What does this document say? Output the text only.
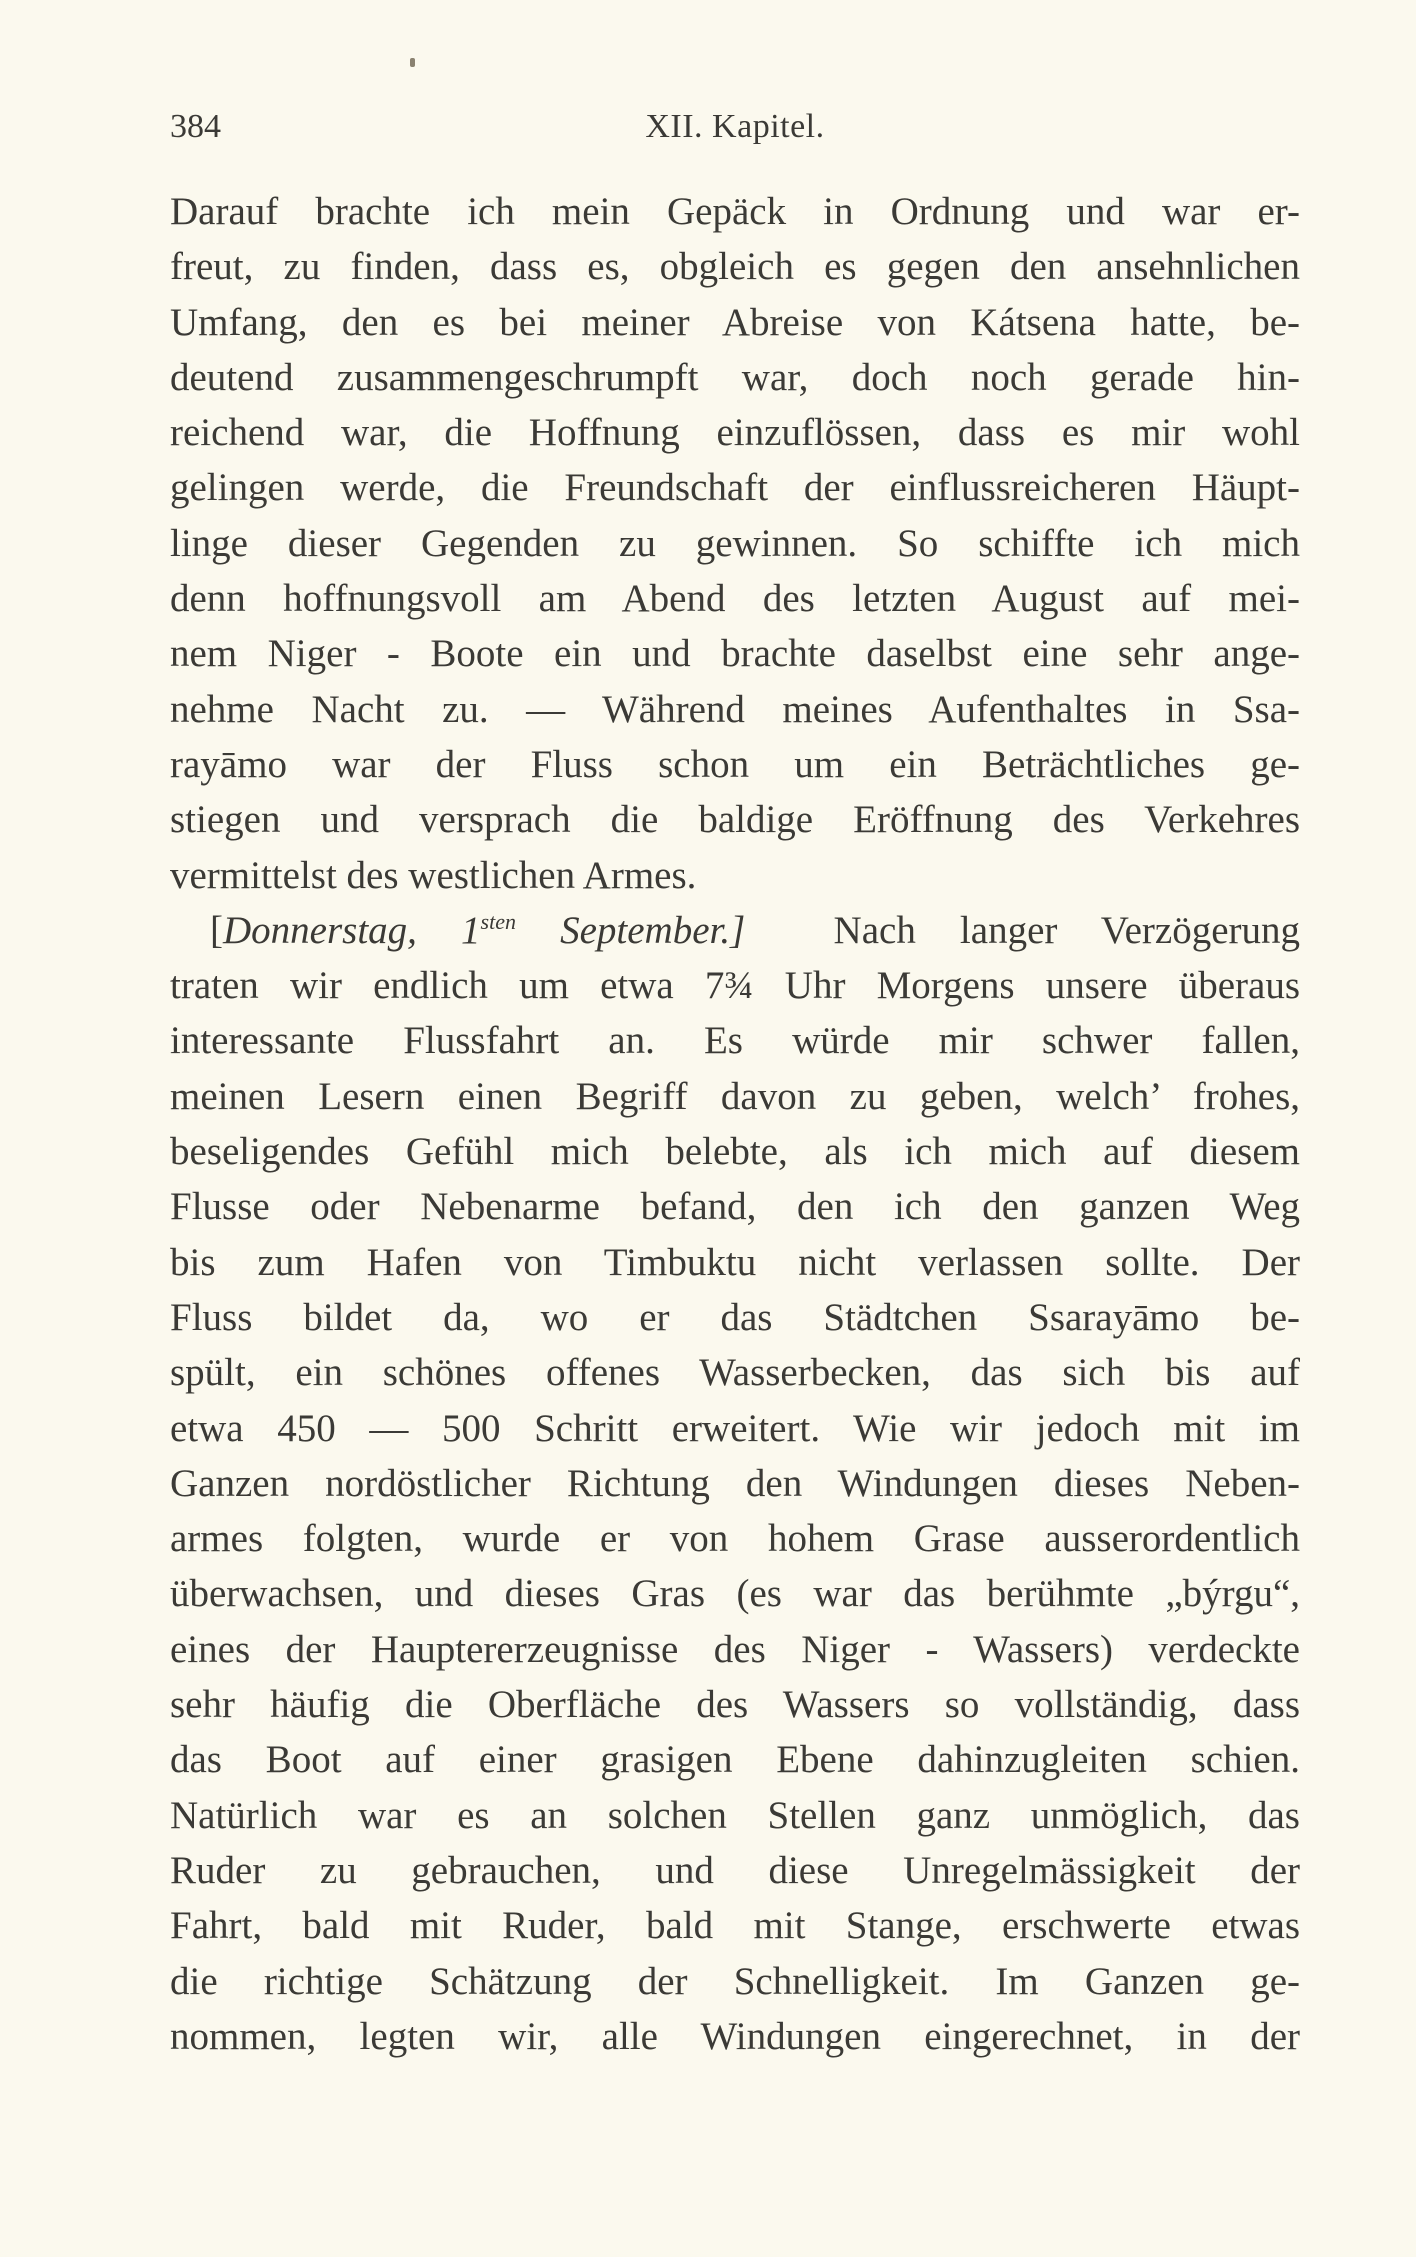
384	XII. Kapitel.
Darauf brachte ich mein Gepäck in Ordnung und war er-
freut, zu finden, dass es, obgleich es gegen den ansehnlichen
Umfang, den es bei meiner Abreise von Kátsena hatte, be-
deutend zusammengeschrumpft war, doch noch gerade hin-
reichend war, die Hoffnung einzuflössen, dass es mir wohl
gelingen werde, die Freundschaft der einflussreicheren Häupt-
linge dieser Gegenden zu gewinnen. So schiffte ich mich
denn hoffnungsvoll am Abend des letzten August auf mei-
nem Niger - Boote ein und brachte daselbst eine sehr ange-
nehme Nacht zu. — Während meines Aufenthaltes in Ssa-
rayāmo war der Fluss schon um ein Beträchtliches ge-
stiegen und versprach die baldige Eröffnung des Verkehres
vermittelst des westlichen Armes.
[Donnerstag, $1^{sten}$ September.] Nach langer Verzögerung
traten wir endlich um etwa 7¾ Uhr Morgens unsere überaus
interessante Flussfahrt an. Es würde mir schwer fallen,
meinen Lesern einen Begriff davon zu geben, welch’ frohes,
beseligendes Gefühl mich belebte, als ich mich auf diesem
Flusse oder Nebenarme befand, den ich den ganzen Weg
bis zum Hafen von Timbuktu nicht verlassen sollte. Der
Fluss bildet da, wo er das Städtchen Ssarayāmo be-
spült, ein schönes offenes Wasserbecken, das sich bis auf
etwa 450 — 500 Schritt erweitert. Wie wir jedoch mit im
Ganzen nordöstlicher Richtung den Windungen dieses Neben-
armes folgten, wurde er von hohem Grase ausserordentlich
überwachsen, und dieses Gras (es war das berühmte „býrgu“,
eines der Hauptererzeugnisse des Niger - Wassers) verdeckte
sehr häufig die Oberfläche des Wassers so vollständig, dass
das Boot auf einer grasigen Ebene dahinzugleiten schien.
Natürlich war es an solchen Stellen ganz unmöglich, das
Ruder zu gebrauchen, und diese Unregelmässigkeit der
Fahrt, bald mit Ruder, bald mit Stange, erschwerte etwas
die richtige Schätzung der Schnelligkeit. Im Ganzen ge-
nommen, legten wir, alle Windungen eingerechnet, in der
